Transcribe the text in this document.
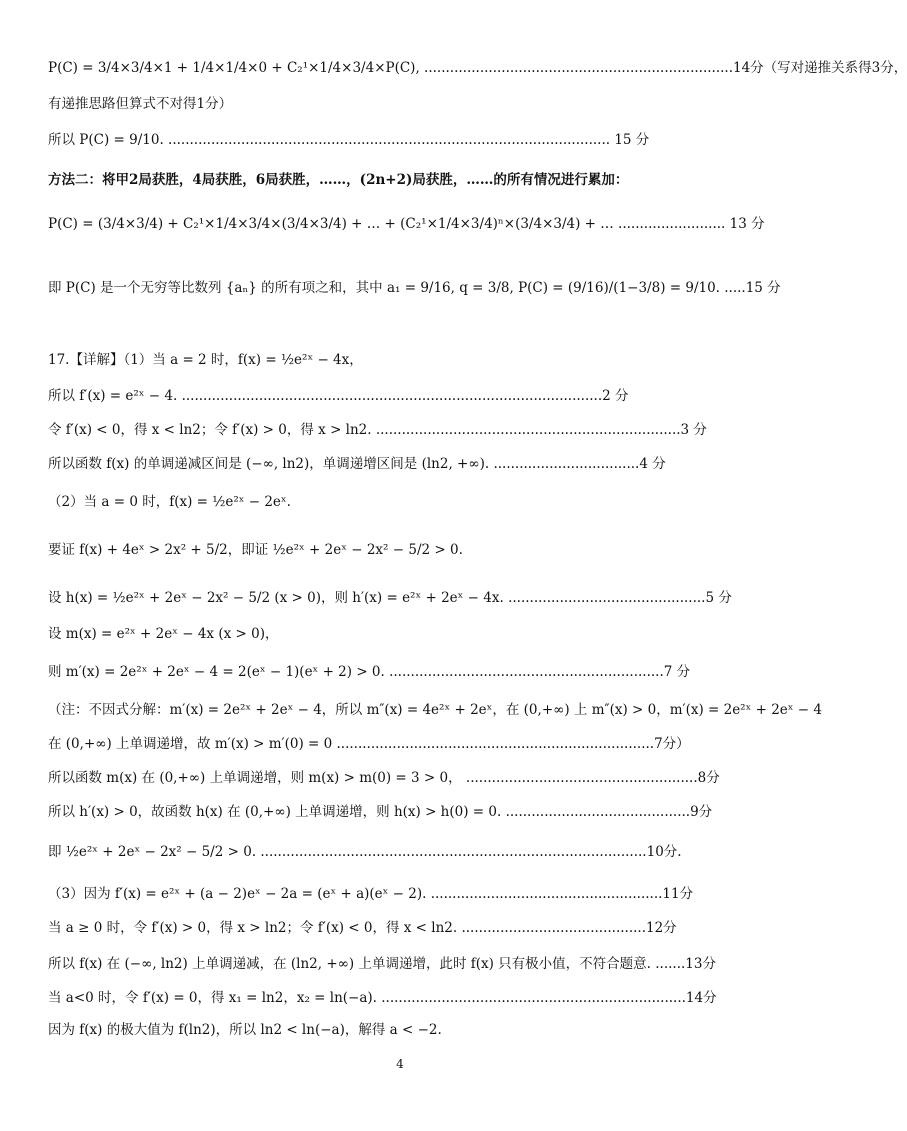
P(C) = 3/4×3/4×1 + 1/4×1/4×0 + C₂¹×1/4×3/4×P(C), ........................................................................14分（写对递推关系得3分，
有递推思路但算式不对得1分）
所以 P(C) = 9/10. ....................................................................................................... 15 分
方法二：将甲2局获胜，4局获胜，6局获胜，……，(2n+2)局获胜，……的所有情况进行累加：
P(C) = (3/4×3/4) + C₂¹×1/4×3/4×(3/4×3/4) + … + (C₂¹×1/4×3/4)ⁿ×(3/4×3/4) + … ......................... 13 分
即 P(C) 是一个无穷等比数列 {aₙ} 的所有项之和，其中 a₁ = 9/16, q = 3/8, P(C) = (9/16)/(1−3/8) = 9/10. .....15 分
17.【详解】（1）当 a = 2 时，f(x) = ½e²ˣ − 4x，
所以 f′(x) = e²ˣ − 4. ..................................................................................................2 分
令 f′(x) < 0，得 x < ln2；令 f′(x) > 0，得 x > ln2. .......................................................................3 分
所以函数 f(x) 的单调递减区间是 (−∞, ln2)，单调递增区间是 (ln2, +∞). ..................................4 分
（2）当 a = 0 时，f(x) = ½e²ˣ − 2eˣ.
要证 f(x) + 4eˣ > 2x² + 5/2，即证 ½e²ˣ + 2eˣ − 2x² − 5/2 > 0.
设 h(x) = ½e²ˣ + 2eˣ − 2x² − 5/2 (x > 0)，则 h′(x) = e²ˣ + 2eˣ − 4x. ..............................................5 分
设 m(x) = e²ˣ + 2eˣ − 4x (x > 0)，
则 m′(x) = 2e²ˣ + 2eˣ − 4 = 2(eˣ − 1)(eˣ + 2) > 0. ................................................................7 分
（注：不因式分解：m′(x) = 2e²ˣ + 2eˣ − 4，所以 m″(x) = 4e²ˣ + 2eˣ，在 (0,+∞) 上 m″(x) > 0，m′(x) = 2e²ˣ + 2eˣ − 4
在 (0,+∞) 上单调递增，故 m′(x) > m′(0) = 0 ..........................................................................7分）
所以函数 m(x) 在 (0,+∞) 上单调递增，则 m(x) > m(0) = 3 > 0， ......................................................8分
所以 h′(x) > 0，故函数 h(x) 在 (0,+∞) 上单调递增，则 h(x) > h(0) = 0. ...........................................9分
即 ½e²ˣ + 2eˣ − 2x² − 5/2 > 0. ..........................................................................................10分.
（3）因为 f′(x) = e²ˣ + (a − 2)eˣ − 2a = (eˣ + a)(eˣ − 2). ......................................................11分
当 a ≥ 0 时，令 f′(x) > 0，得 x > ln2；令 f′(x) < 0，得 x < ln2. ...........................................12分
所以 f(x) 在 (−∞, ln2) 上单调递减，在 (ln2, +∞) 上单调递增，此时 f(x) 只有极小值，不符合题意. .......13分
当 a<0 时，令 f′(x) = 0，得 x₁ = ln2，x₂ = ln(−a). .......................................................................14分
因为 f(x) 的极大值为 f(ln2)，所以 ln2 < ln(−a)，解得 a < −2.
4
